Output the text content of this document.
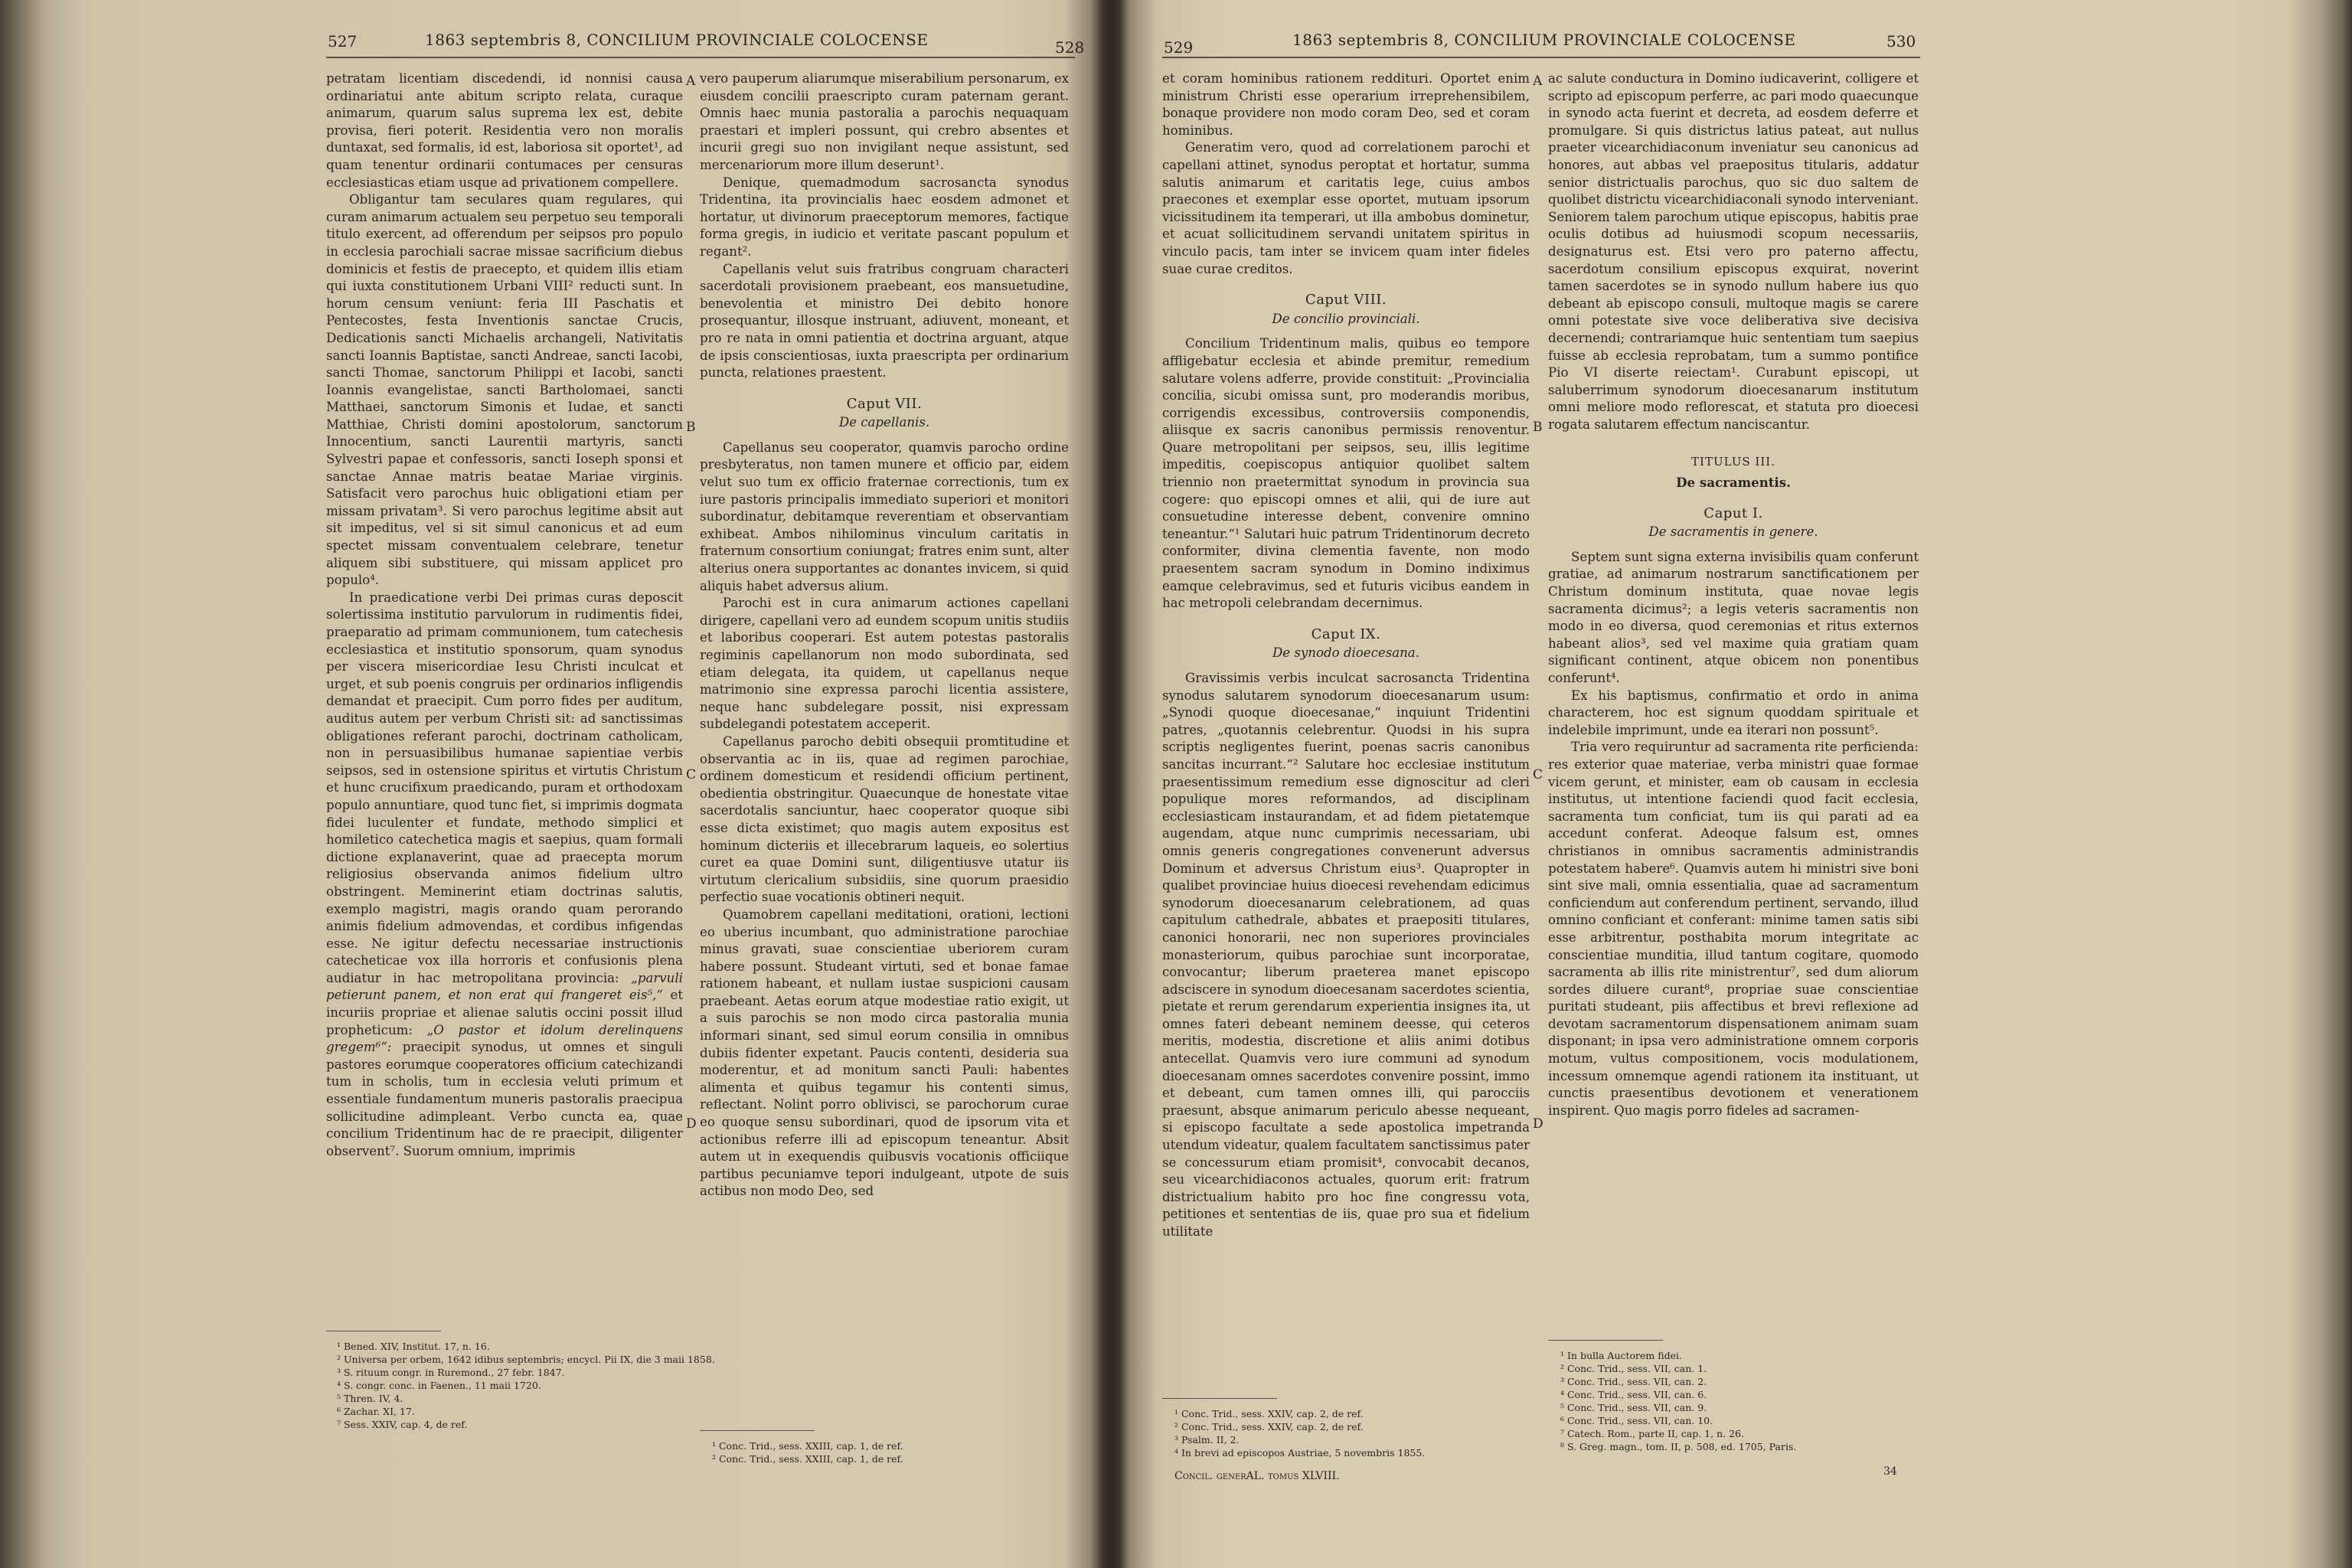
527	1863 septembris 8, CONCILIUM PROVINCIALE COLOCENSE	528

petratam licentiam discedendi, id nonnisi causa ordinariatui ante abitum scripto relata, curaque animarum, quarum salus suprema lex est, debite provisa, fieri poterit. Residentia vero non moralis duntaxat, sed formalis, id est, laboriosa sit oportet¹, ad quam tenentur ordinarii contumaces per censuras ecclesiasticas etiam usque ad privationem compellere.

Obligantur tam seculares quam regulares, qui curam animarum actualem seu perpetuo seu temporali titulo exercent, ad offerendum per seipsos pro populo in ecclesia parochiali sacrae missae sacrificium diebus dominicis et festis de praecepto, et quidem illis etiam qui iuxta constitutionem Urbani VIII² reducti sunt. In horum censum veniunt: feria III Paschatis et Pentecostes, festa Inventionis sanctae Crucis, Dedicationis sancti Michaelis archangeli, Nativitatis sancti Ioannis Baptistae, sancti Andreae, sancti Iacobi, sancti Thomae, sanctorum Philippi et Iacobi, sancti Ioannis evangelistae, sancti Bartholomaei, sancti Matthaei, sanctorum Simonis et Iudae, et sancti Matthiae, Christi domini apostolorum, sanctorum Innocentium, sancti Laurentii martyris, sancti Sylvestri papae et confessoris, sancti Ioseph sponsi et sanctae Annae matris beatae Mariae virginis. Satisfacit vero parochus huic obligationi etiam per missam privatam³. Si vero parochus legitime absit aut sit impeditus, vel si sit simul canonicus et ad eum spectet missam conventualem celebrare, tenetur aliquem sibi substituere, qui missam applicet pro populo⁴.

In praedicatione verbi Dei primas curas deposcit solertissima institutio parvulorum in rudimentis fidei, praeparatio ad primam communionem, tum catechesis ecclesiastica et institutio sponsorum, quam synodus per viscera misericordiae Iesu Christi inculcat et urget, et sub poenis congruis per ordinarios infligendis demandat et praecipit. Cum porro fides per auditum, auditus autem per verbum Christi sit: ad sanctissimas obligationes referant parochi, doctrinam catholicam, non in persuasibilibus humanae sapientiae verbis seipsos, sed in ostensione spiritus et virtutis Christum et hunc crucifixum praedicando, puram et orthodoxam populo annuntiare, quod tunc fiet, si imprimis dogmata fidei luculenter et fundate, methodo simplici et homiletico catechetica magis et saepius, quam formali dictione explanaverint, quae ad praecepta morum religiosius observanda animos fidelium ultro obstringent. Meminerint etiam doctrinas salutis, exemplo magistri, magis orando quam perorando animis fidelium admovendas, et cordibus infigendas esse. Ne igitur defectu necessariae instructionis catecheticae vox illa horroris et confusionis plena audiatur in hac metropolitana provincia: „parvuli petierunt panem, et non erat qui frangeret eis⁵,“ et incuriis propriae et alienae salutis occini possit illud propheticum: „O pastor et idolum derelinquens gregem⁶“: praecipit synodus, ut omnes et singuli pastores eorumque cooperatores officium catechizandi tum in scholis, tum in ecclesia veluti primum et essentiale fundamentum muneris pastoralis praecipua sollicitudine adimpleant. Verbo cuncta ea, quae concilium Tridentinum hac de re praecipit, diligenter observent⁷. Suorum omnium, imprimis

A
B
C
D

vero pauperum aliarumque miserabilium personarum, ex eiusdem concilii praescripto curam paternam gerant. Omnis haec munia pastoralia a parochis nequaquam praestari et impleri possunt, qui crebro absentes et incurii gregi suo non invigilant neque assistunt, sed mercenariorum more illum deserunt¹.

Denique, quemadmodum sacrosancta synodus Tridentina, ita provincialis haec eosdem admonet et hortatur, ut divinorum praeceptorum memores, factique forma gregis, in iudicio et veritate pascant populum et regant².

Capellanis velut suis fratribus congruam characteri sacerdotali provisionem praebeant, eos mansuetudine, benevolentia et ministro Dei debito honore prosequantur, illosque instruant, adiuvent, moneant, et pro re nata in omni patientia et doctrina arguant, atque de ipsis conscientiosas, iuxta praescripta per ordinarium puncta, relationes praestent.

Caput VII.
De capellanis.

Capellanus seu cooperator, quamvis parocho ordine presbyteratus, non tamen munere et officio par, eidem velut suo tum ex officio fraternae correctionis, tum ex iure pastoris principalis immediato superiori et monitori subordinatur, debitamque reverentiam et observantiam exhibeat. Ambos nihilominus vinculum caritatis in fraternum consortium coniungat; fratres enim sunt, alter alterius onera supportantes ac donantes invicem, si quid aliquis habet adversus alium.

Parochi est in cura animarum actiones capellani dirigere, capellani vero ad eundem scopum unitis studiis et laboribus cooperari. Est autem potestas pastoralis regiminis capellanorum non modo subordinata, sed etiam delegata, ita quidem, ut capellanus neque matrimonio sine expressa parochi licentia assistere, neque hanc subdelegare possit, nisi expressam subdelegandi potestatem acceperit.

Capellanus parocho debiti obsequii promtitudine et observantia ac in iis, quae ad regimen parochiae, ordinem domesticum et residendi officium pertinent, obedientia obstringitur. Quaecunque de honestate vitae sacerdotalis sanciuntur, haec cooperator quoque sibi esse dicta existimet; quo magis autem expositus est hominum dicteriis et illecebrarum laqueis, eo solertius curet ea quae Domini sunt, diligentiusve utatur iis virtutum clericalium subsidiis, sine quorum praesidio perfectio suae vocationis obtineri nequit.

Quamobrem capellani meditationi, orationi, lectioni eo uberius incumbant, quo administratione parochiae minus gravati, suae conscientiae uberiorem curam habere possunt. Studeant virtuti, sed et bonae famae rationem habeant, et nullam iustae suspicioni causam praebeant. Aetas eorum atque modestiae ratio exigit, ut a suis parochis se non modo circa pastoralia munia informari sinant, sed simul eorum consilia in omnibus dubiis fidenter expetant. Paucis contenti, desideria sua moderentur, et ad monitum sancti Pauli: habentes alimenta et quibus tegamur his contenti simus, reflectant. Nolint porro oblivisci, se parochorum curae eo quoque sensu subordinari, quod de ipsorum vita et actionibus referre illi ad episcopum teneantur. Absit autem ut in exequendis quibusvis vocationis officiique partibus pecuniamve tepori indulgeant, utpote de suis actibus non modo Deo, sed

¹ Bened. XIV, Institut. 17, n. 16.
² Universa per orbem, 1642 idibus septembris; encycl. Pii IX, die 3 maii 1858.
³ S. rituum congr. in Ruremond., 27 febr. 1847.
⁴ S. congr. conc. in Faenen., 11 maii 1720.
⁵ Thren. IV, 4.
⁶ Zachar. XI, 17.
⁷ Sess. XXIV, cap. 4, de ref.
¹ Conc. Trid., sess. XXIII, cap. 1, de ref.
² Conc. Trid., sess. XXIII, cap. 1, de ref.
529	1863 septembris 8, CONCILIUM PROVINCIALE COLOCENSE	530

et coram hominibus rationem reddituri. Oportet enim ministrum Christi esse operarium irreprehensibilem, bonaque providere non modo coram Deo, sed et coram hominibus.

Generatim vero, quod ad correlationem parochi et capellani attinet, synodus peroptat et hortatur, summa salutis animarum et caritatis lege, cuius ambos praecones et exemplar esse oportet, mutuam ipsorum vicissitudinem ita temperari, ut illa ambobus dominetur, et acuat sollicitudinem servandi unitatem spiritus in vinculo pacis, tam inter se invicem quam inter fideles suae curae creditos.

Caput VIII.
De concilio provinciali.

Concilium Tridentinum malis, quibus eo tempore affligebatur ecclesia et abinde premitur, remedium salutare volens adferre, provide constituit: „Provincialia concilia, sicubi omissa sunt, pro moderandis moribus, corrigendis excessibus, controversiis componendis, aliisque ex sacris canonibus permissis renoventur. Quare metropolitani per seipsos, seu, illis legitime impeditis, coepiscopus antiquior quolibet saltem triennio non praetermittat synodum in provincia sua cogere: quo episcopi omnes et alii, qui de iure aut consuetudine interesse debent, convenire omnino teneantur.“¹ Salutari huic patrum Tridentinorum decreto conformiter, divina clementia favente, non modo praesentem sacram synodum in Domino indiximus eamque celebravimus, sed et futuris vicibus eandem in hac metropoli celebrandam decernimus.

Caput IX.
De synodo dioecesana.

Gravissimis verbis inculcat sacrosancta Tridentina synodus salutarem synodorum dioecesanarum usum: „Synodi quoque dioecesanae,“ inquiunt Tridentini patres, „quotannis celebrentur. Quodsi in his supra scriptis negligentes fuerint, poenas sacris canonibus sancitas incurrant.“² Salutare hoc ecclesiae institutum praesentissimum remedium esse dignoscitur ad cleri populique mores reformandos, ad disciplinam ecclesiasticam instaurandam, et ad fidem pietatemque augendam, atque nunc cumprimis necessariam, ubi omnis generis congregationes convenerunt adversus Dominum et adversus Christum eius³. Quapropter in qualibet provinciae huius dioecesi revehendam edicimus synodorum dioecesanarum celebrationem, ad quas capitulum cathedrale, abbates et praepositi titulares, canonici honorarii, nec non superiores provinciales monasteriorum, quibus parochiae sunt incorporatae, convocantur; liberum praeterea manet episcopo adsciscere in synodum dioecesanam sacerdotes scientia, pietate et rerum gerendarum experientia insignes ita, ut omnes fateri debeant neminem deesse, qui ceteros meritis, modestia, discretione et aliis animi dotibus antecellat. Quamvis vero iure communi ad synodum dioecesanam omnes sacerdotes convenire possint, immo et debeant, cum tamen omnes illi, qui parocciis praesunt, absque animarum periculo abesse nequeant, si episcopo facultate a sede apostolica impetranda utendum videatur, qualem facultatem sanctissimus pater se concessurum etiam promisit⁴, convocabit decanos, seu vicearchidiaconos actuales, quorum erit: fratrum districtualium habito pro hoc fine congressu vota, petitiones et sententias de iis, quae pro sua et fidelium utilitate

A
B
C
D

ac salute conductura in Domino iudicaverint, colligere et scripto ad episcopum perferre, ac pari modo quaecunque in synodo acta fuerint et decreta, ad eosdem deferre et promulgare. Si quis districtus latius pateat, aut nullus praeter vicearchidiaconum inveniatur seu canonicus ad honores, aut abbas vel praepositus titularis, addatur senior districtualis parochus, quo sic duo saltem de quolibet districtu vicearchidiaconali synodo interveniant. Seniorem talem parochum utique episcopus, habitis prae oculis dotibus ad huiusmodi scopum necessariis, designaturus est. Etsi vero pro paterno affectu, sacerdotum consilium episcopus exquirat, noverint tamen sacerdotes se in synodo nullum habere ius quo debeant ab episcopo consuli, multoque magis se carere omni potestate sive voce deliberativa sive decisiva decernendi; contrariamque huic sententiam tum saepius fuisse ab ecclesia reprobatam, tum a summo pontifice Pio VI diserte reiectam¹. Curabunt episcopi, ut saluberrimum synodorum dioecesanarum institutum omni meliore modo reflorescat, et statuta pro dioecesi rogata salutarem effectum nanciscantur.

TITULUS III.
De sacramentis.
Caput I.
De sacramentis in genere.

Septem sunt signa externa invisibilis quam conferunt gratiae, ad animarum nostrarum sanctificationem per Christum dominum instituta, quae novae legis sacramenta dicimus²; a legis veteris sacramentis non modo in eo diversa, quod ceremonias et ritus externos habeant alios³, sed vel maxime quia gratiam quam significant continent, atque obicem non ponentibus conferunt⁴.

Ex his baptismus, confirmatio et ordo in anima characterem, hoc est signum quoddam spirituale et indelebile imprimunt, unde ea iterari non possunt⁵.

Tria vero requiruntur ad sacramenta rite perficienda: res exterior quae materiae, verba ministri quae formae vicem gerunt, et minister, eam ob causam in ecclesia institutus, ut intentione faciendi quod facit ecclesia, sacramenta tum conficiat, tum iis qui parati ad ea accedunt conferat. Adeoque falsum est, omnes christianos in omnibus sacramentis administrandis potestatem habere⁶. Quamvis autem hi ministri sive boni sint sive mali, omnia essentialia, quae ad sacramentum conficiendum aut conferendum pertinent, servando, illud omnino conficiant et conferant: minime tamen satis sibi esse arbitrentur, posthabita morum integritate ac conscientiae munditia, illud tantum cogitare, quomodo sacramenta ab illis rite ministrentur⁷, sed dum aliorum sordes diluere curant⁸, propriae suae conscientiae puritati studeant, piis affectibus et brevi reflexione ad devotam sacramentorum dispensationem animam suam disponant; in ipsa vero administratione omnem corporis motum, vultus compositionem, vocis modulationem, incessum omnemque agendi rationem ita instituant, ut cunctis praesentibus devotionem et venerationem inspirent. Quo magis porro fideles ad sacramen-

¹ Conc. Trid., sess. XXIV, cap. 2, de ref.
² Conc. Trid., sess. XXIV, cap. 2, de ref.
³ Psalm. II, 2.
⁴ In brevi ad episcopos Austriae, 5 novembris 1855.
Concil. generAL. tomus XLVIII.
¹ In bulla Auctorem fidei.
² Conc. Trid., sess. VII, can. 1.
³ Conc. Trid., sess. VII, can. 2.
⁴ Conc. Trid., sess. VII, can. 6.
⁵ Conc. Trid., sess. VII, can. 9.
⁶ Conc. Trid., sess. VII, can. 10.
⁷ Catech. Rom., parte II, cap. 1, n. 26.
⁸ S. Greg. magn., tom. II, p. 508, ed. 1705, Paris.
34
